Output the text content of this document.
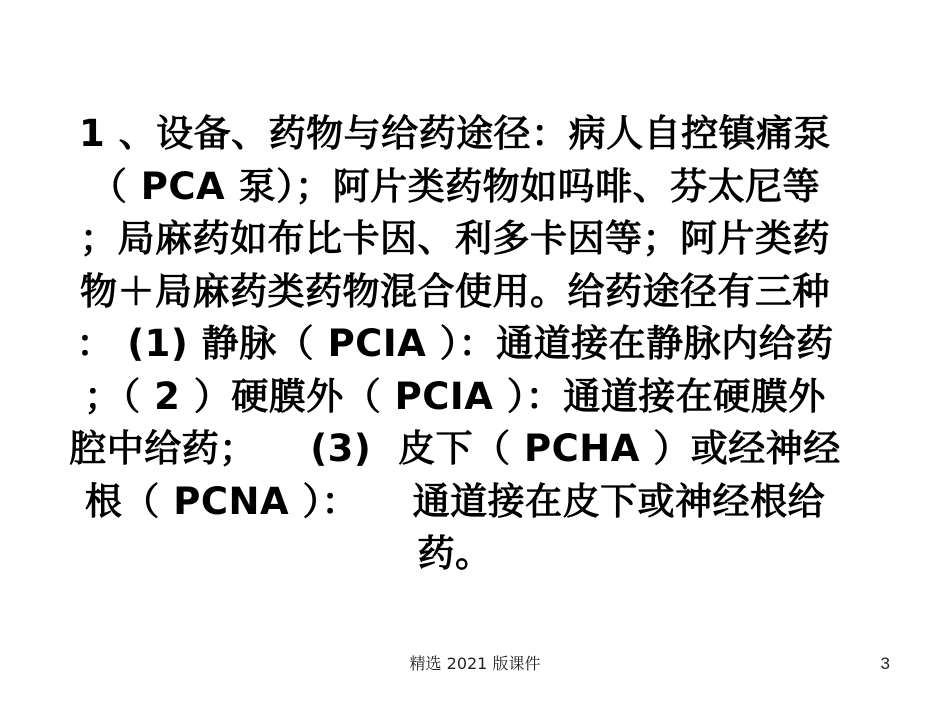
1 、设备、药物与给药途径：病人自控镇痛泵
（ PCA 泵）；阿片类药物如吗啡、芬太尼等
；局麻药如布比卡因、利多卡因等；阿片类药
物＋局麻药类药物混合使用。给药途径有三种
： (1) 静脉（ PCIA ）：通道接在静脉内给药
；（ 2 ）硬膜外（ PCIA ）：通道接在硬膜外
腔中给药；    (3)  皮下（ PCHA ）或经神经
根（ PCNA ）：    通道接在皮下或神经根给
药。
精选 2021 版课件	3
